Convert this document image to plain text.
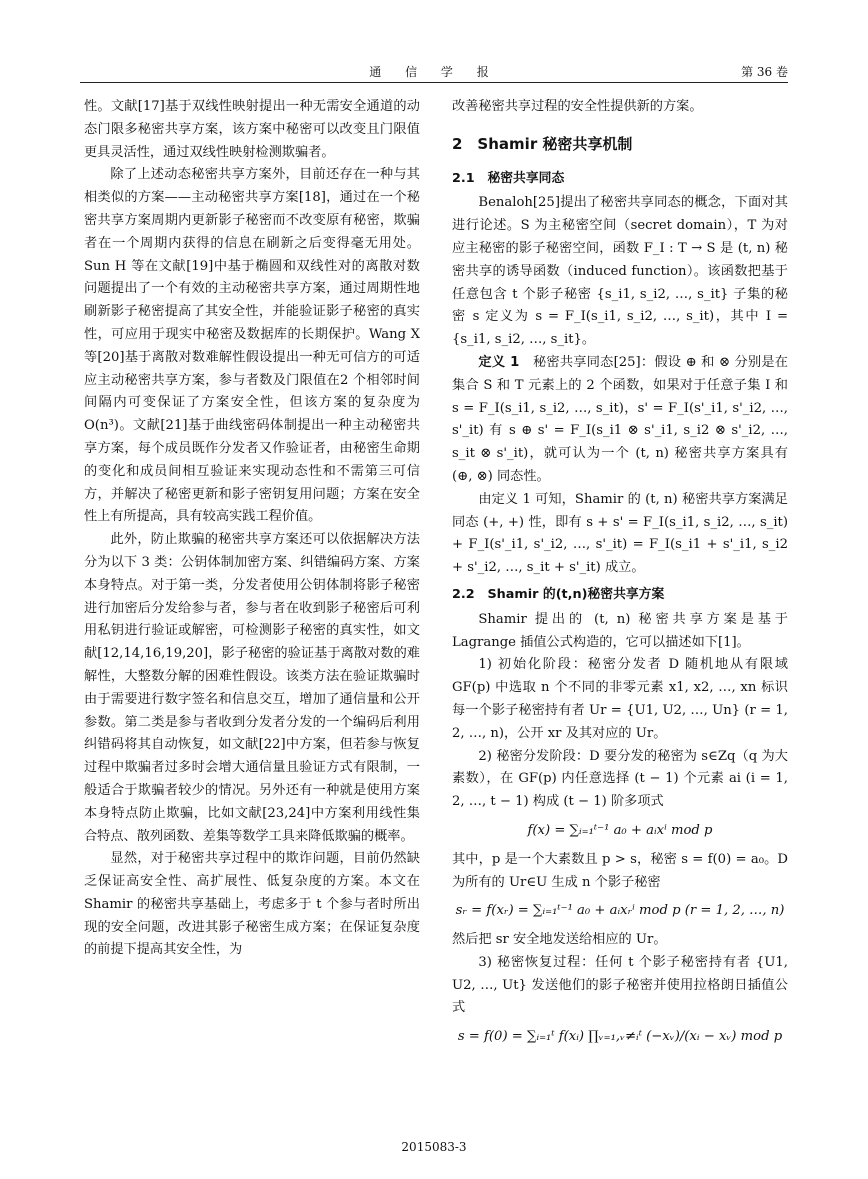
通 信 学 报	第 36 卷

性。文献[17]基于双线性映射提出一种无需安全通道的动态门限多秘密共享方案，该方案中秘密可以改变且门限值更具灵活性，通过双线性映射检测欺骗者。

除了上述动态秘密共享方案外，目前还存在一种与其相类似的方案——主动秘密共享方案[18]，通过在一个秘密共享方案周期内更新影子秘密而不改变原有秘密，欺骗者在一个周期内获得的信息在刷新之后变得毫无用处。Sun H 等在文献[19]中基于椭圆和双线性对的离散对数问题提出了一个有效的主动秘密共享方案，通过周期性地刷新影子秘密提高了其安全性，并能验证影子秘密的真实性，可应用于现实中秘密及数据库的长期保护。Wang X等[20]基于离散对数难解性假设提出一种无可信方的可适应主动秘密共享方案，参与者数及门限值在2 个相邻时间间隔内可变保证了方案安全性，但该方案的复杂度为 O(n³)。文献[21]基于曲线密码体制提出一种主动秘密共享方案，每个成员既作分发者又作验证者，由秘密生命期的变化和成员间相互验证来实现动态性和不需第三可信方，并解决了秘密更新和影子密钥复用问题；方案在安全性上有所提高，具有较高实践工程价值。

此外，防止欺骗的秘密共享方案还可以依据解决方法分为以下 3 类：公钥体制加密方案、纠错编码方案、方案本身特点。对于第一类，分发者使用公钥体制将影子秘密进行加密后分发给参与者，参与者在收到影子秘密后可利用私钥进行验证或解密，可检测影子秘密的真实性，如文献[12,14,16,19,20]，影子秘密的验证基于离散对数的难解性，大整数分解的困难性假设。该类方法在验证欺骗时由于需要进行数字签名和信息交互，增加了通信量和公开参数。第二类是参与者收到分发者分发的一个编码后利用纠错码将其自动恢复，如文献[22]中方案，但若参与恢复过程中欺骗者过多时会增大通信量且验证方式有限制，一般适合于欺骗者较少的情况。另外还有一种就是使用方案本身特点防止欺骗，比如文献[23,24]中方案利用线性集合特点、散列函数、差集等数学工具来降低欺骗的概率。

显然，对于秘密共享过程中的欺诈问题，目前仍然缺乏保证高安全性、高扩展性、低复杂度的方案。本文在 Shamir 的秘密共享基础上，考虑多于 t 个参与者时所出现的安全问题，改进其影子秘密生成方案；在保证复杂度的前提下提高其安全性，为

改善秘密共享过程的安全性提供新的方案。

2　Shamir 秘密共享机制
2.1　秘密共享同态

Benaloh[25]提出了秘密共享同态的概念，下面对其进行论述。S 为主秘密空间（secret domain），T 为对应主秘密的影子秘密空间，函数 F_I : T → S 是 (t, n) 秘密共享的诱导函数（induced function）。该函数把基于任意包含 t 个影子秘密 {s_i1, s_i2, …, s_it} 子集的秘密 s 定义为 s = F_I(s_i1, s_i2, …, s_it)，其中 I = {s_i1, s_i2, …, s_it}。

定义 1　 秘密共享同态[25]：假设 ⊕ 和 ⊗ 分别是在集合 S 和 T 元素上的 2 个函数，如果对于任意子集 I 和 s = F_I(s_i1, s_i2, …, s_it)，s' = F_I(s'_i1, s'_i2, …, s'_it) 有 s ⊕ s' = F_I(s_i1 ⊗ s'_i1, s_i2 ⊗ s'_i2, …, s_it ⊗ s'_it)，就可认为一个 (t, n) 秘密共享方案具有 (⊕, ⊗) 同态性。

由定义 1 可知，Shamir 的 (t, n) 秘密共享方案满足同态 (+, +) 性，即有 s + s' = F_I(s_i1, s_i2, …, s_it) + F_I(s'_i1, s'_i2, …, s'_it) = F_I(s_i1 + s'_i1, s_i2 + s'_i2, …, s_it + s'_it) 成立。

2.2　Shamir 的(t,n)秘密共享方案

Shamir 提出的 (t, n) 秘密共享方案是基于 Lagrange 插值公式构造的，它可以描述如下[1]。

1) 初始化阶段：秘密分发者 D 随机地从有限域 GF(p) 中选取 n 个不同的非零元素 x1, x2, …, xn 标识每一个影子秘密持有者 Ur = {U1, U2, …, Un} (r = 1, 2, …, n)，公开 xr 及其对应的 Ur。

2) 秘密分发阶段：D 要分发的秘密为 s∈Zq（q 为大素数），在 GF(p) 内任意选择 (t − 1) 个元素 ai (i = 1, 2, …, t − 1) 构成 (t − 1) 阶多项式

f(x) = ∑ᵢ₌₁ᵗ⁻¹ a₀ + aᵢxⁱ mod p

其中，p 是一个大素数且 p > s，秘密 s = f(0) = a₀。D 为所有的 Ur∈U 生成 n 个影子秘密

sᵣ = f(xᵣ) = ∑ᵢ₌₁ᵗ⁻¹ a₀ + aᵢxᵣⁱ mod p (r = 1, 2, …, n)

然后把 sr 安全地发送给相应的 Ur。

3) 秘密恢复过程：任何 t 个影子秘密持有者 {U1, U2, …, Ut} 发送他们的影子秘密并使用拉格朗日插值公式

s = f(0) = ∑ᵢ₌₁ᵗ f(xᵢ) ∏ᵥ₌₁,ᵥ≠ᵢᵗ (−xᵥ)/(xᵢ − xᵥ) mod p

2015083-3
